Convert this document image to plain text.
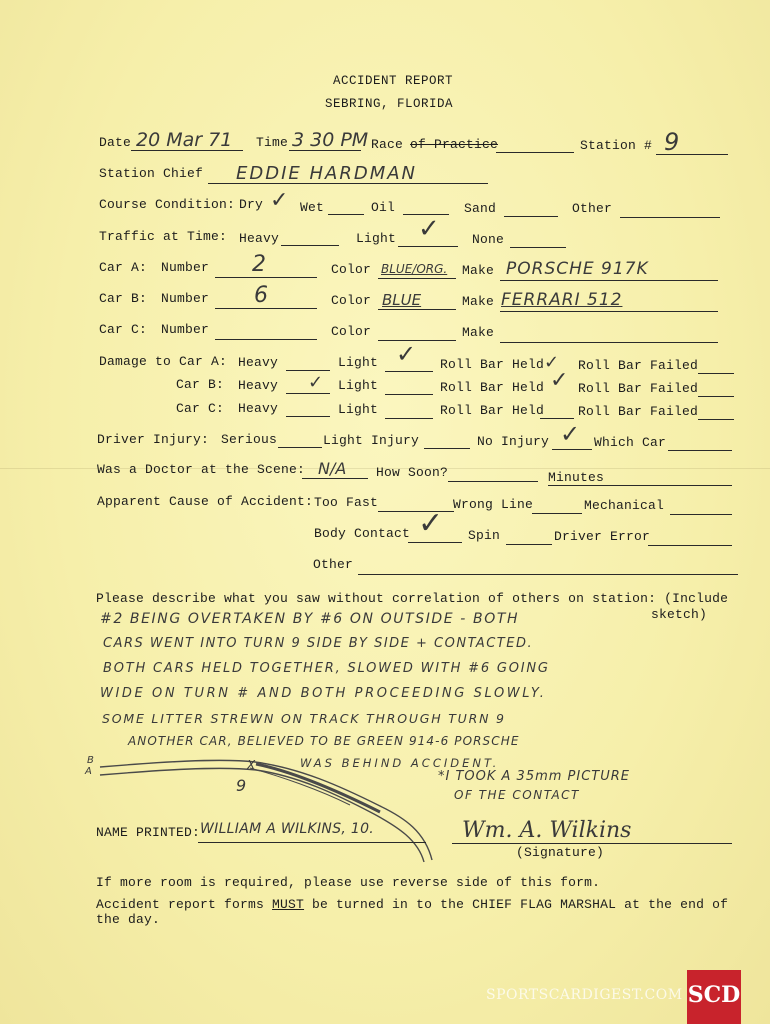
ACCIDENT REPORT
SEBRING, FLORIDA
Date 20 Mar 71 Time 3 30 PM Race of Practice	Station # 9
Station Chief EDDIE HARDMAN
Course Condition: Dry ✓ Wet	Oil	Sand	Other
Traffic at Time: Heavy	Light ✓ None
Car A: Number 2	Color BLUE/ORG. Make PORSCHE 917K
Car B: Number 6	Color BLUE	Make FERRARI 512
Car C: Number	Color	Make
Damage to Car A: Heavy	Light ✓ Roll Bar Held ✓ Roll Bar Failed
Car B: Heavy ✓ Light	Roll Bar Held ✓ Roll Bar Failed
Car C: Heavy	Light	Roll Bar Held	Roll Bar Failed
Driver Injury: Serious	Light Injury	No Injury ✓ Which Car
Was a Doctor at the Scene: N/A How Soon?	Minutes
Apparent Cause of Accident: Too Fast	Wrong Line	Mechanical
Body Contact ✓ Spin	Driver Error
Other
Please describe what you saw without correlation of others on station: (Include
sketch)
#2 BEING OVERTAKEN BY #6 ON OUTSIDE - BOTH
CARS WENT INTO TURN 9 SIDE BY SIDE + CONTACTED.
BOTH CARS HELD TOGETHER, SLOWED WITH #6 GOING
WIDE ON TURN # AND BOTH PROCEEDING SLOWLY.
SOME LITTER STREWN ON TRACK THROUGH TURN 9
ANOTHER CAR, BELIEVED TO BE GREEN 914-6 PORSCHE
WAS BEHIND ACCIDENT.
*I TOOK A 35mm PICTURE
OF THE CONTACT
B
A	X
9
NAME PRINTED: WILLIAM A WILKINS, 10.	Wm. A. Wilkins
(Signature)
If more room is required, please use reverse side of this form.
Accident report forms MUST be turned in to the CHIEF FLAG MARSHAL at the end of
the day.
SPORTSCARDIGEST.COM SCD
